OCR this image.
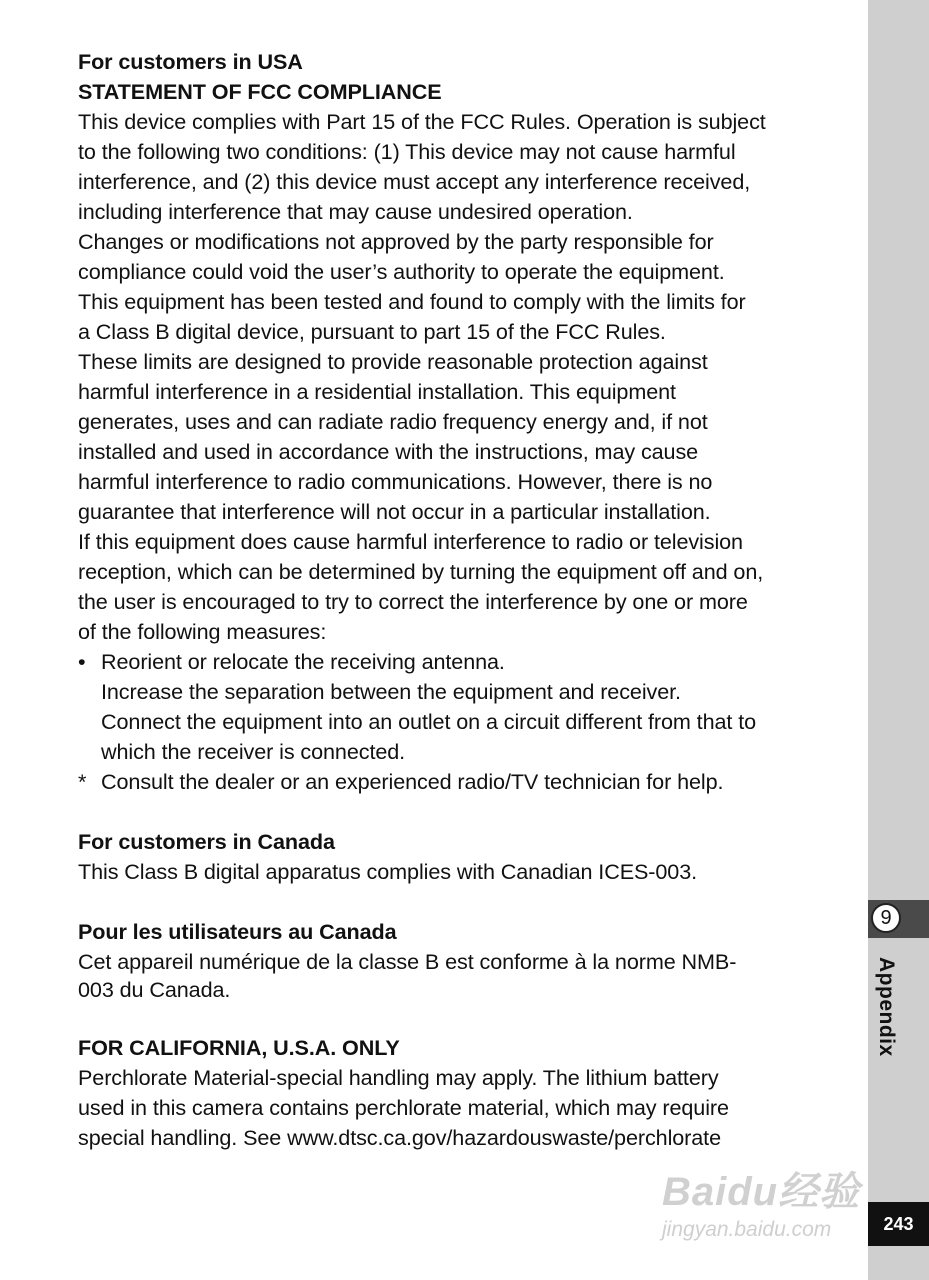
For customers in USA
STATEMENT OF FCC COMPLIANCE
This device complies with Part 15 of the FCC Rules. Operation is subject
to the following two conditions: (1) This device may not cause harmful
interference, and (2) this device must accept any interference received,
including interference that may cause undesired operation.
Changes or modifications not approved by the party responsible for
compliance could void the user’s authority to operate the equipment.
This equipment has been tested and found to comply with the limits for
a Class B digital device, pursuant to part 15 of the FCC Rules.
These limits are designed to provide reasonable protection against
harmful interference in a residential installation. This equipment
generates, uses and can radiate radio frequency energy and, if not
installed and used in accordance with the instructions, may cause
harmful interference to radio communications. However, there is no
guarantee that interference will not occur in a particular installation.
If this equipment does cause harmful interference to radio or television
reception, which can be determined by turning the equipment off and on,
the user is encouraged to try to correct the interference by one or more
of the following measures:
• Reorient or relocate the receiving antenna.
Increase the separation between the equipment and receiver.
Connect the equipment into an outlet on a circuit different from that to
which the receiver is connected.
* Consult the dealer or an experienced radio/TV technician for help.
For customers in Canada
This Class B digital apparatus complies with Canadian ICES-003.
Pour les utilisateurs au Canada
Cet appareil numérique de la classe B est conforme à la norme NMB-
003 du Canada.
FOR CALIFORNIA, U.S.A. ONLY
Perchlorate Material-special handling may apply. The lithium battery
used in this camera contains perchlorate material, which may require
special handling. See www.dtsc.ca.gov/hazardouswaste/perchlorate
9
Appendix
243
Baidu经验
jingyan.baidu.com
